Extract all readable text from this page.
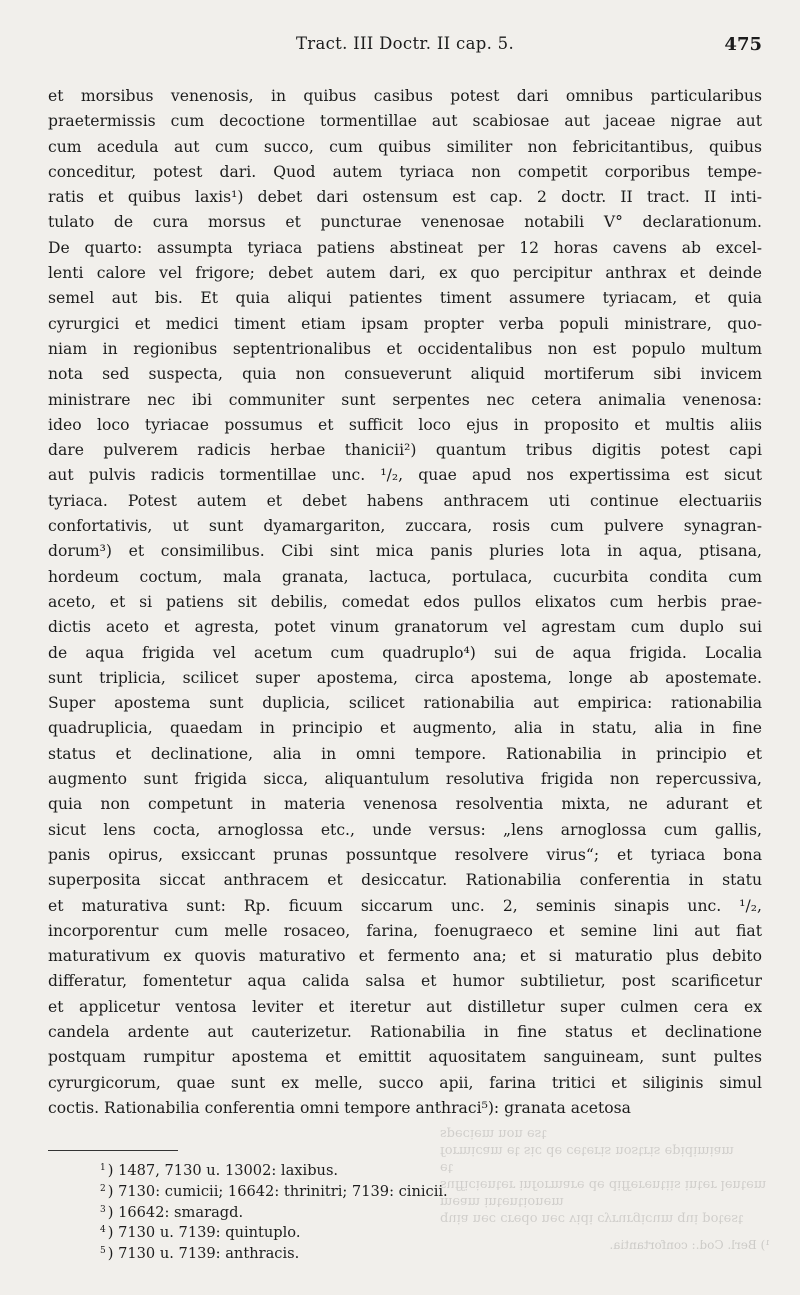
Tract. III Doctr. II cap. 5.	475
et morsibus venenosis, in quibus casibus potest dari omnibus particularibus
praetermissis cum decoctione tormentillae aut scabiosae aut jaceae nigrae aut
cum acedula aut cum succo, cum quibus similiter non febricitantibus, quibus
conceditur, potest dari. Quod autem tyriaca non competit corporibus tempe-
ratis et quibus laxis¹) debet dari ostensum est cap. 2 doctr. II tract. II inti-
tulato de cura morsus et puncturae venenosae notabili V° declarationum.
De quarto: assumpta tyriaca patiens abstineat per 12 horas cavens ab excel-
lenti calore vel frigore; debet autem dari, ex quo percipitur anthrax et deinde
semel aut bis. Et quia aliqui patientes timent assumere tyriacam, et quia
cyrurgici et medici timent etiam ipsam propter verba populi ministrare, quo-
niam in regionibus septentrionalibus et occidentalibus non est populo multum
nota sed suspecta, quia non consueverunt aliquid mortiferum sibi invicem
ministrare nec ibi communiter sunt serpentes nec cetera animalia venenosa:
ideo loco tyriacae possumus et sufficit loco ejus in proposito et multis aliis
dare pulverem radicis herbae thanicii²) quantum tribus digitis potest capi
aut pulvis radicis tormentillae unc. ¹/₂, quae apud nos expertissima est sicut
tyriaca. Potest autem et debet habens anthracem uti continue electuariis
confortativis, ut sunt dyamargariton, zuccara, rosis cum pulvere synagran-
dorum³) et consimilibus. Cibi sint mica panis pluries lota in aqua, ptisana,
hordeum coctum, mala granata, lactuca, portulaca, cucurbita condita cum
aceto, et si patiens sit debilis, comedat edos pullos elixatos cum herbis prae-
dictis aceto et agresta, potet vinum granatorum vel agrestam cum duplo sui
de aqua frigida vel acetum cum quadruplo⁴) sui de aqua frigida. Localia
sunt triplicia, scilicet super apostema, circa apostema, longe ab apostemate.
Super apostema sunt duplicia, scilicet rationabilia aut empirica: rationabilia
quadruplicia, quaedam in principio et augmento, alia in statu, alia in fine
status et declinatione, alia in omni tempore. Rationabilia in principio et
augmento sunt frigida sicca, aliquantulum resolutiva frigida non repercussiva,
quia non competunt in materia venenosa resolventia mixta, ne adurant et
sicut lens cocta, arnoglossa etc., unde versus: „lens arnoglossa cum gallis,
panis opirus, exsiccant prunas possuntque resolvere virus“; et tyriaca bona
superposita siccat anthracem et desiccatur. Rationabilia conferentia in statu
et maturativa sunt: Rp. ficuum siccarum unc. 2, seminis sinapis unc. ¹/₂,
incorporentur cum melle rosaceo, farina, foenugraeco et semine lini aut fiat
maturativum ex quovis maturativo et fermento ana; et si maturatio plus debito
differatur, fomentetur aqua calida salsa et humor subtilietur, post scarificetur
et applicetur ventosa leviter et iteretur aut distilletur super culmen cera ex
candela ardente aut cauterizetur. Rationabilia in fine status et declinatione
postquam rumpitur apostema et emittit aquositatem sanguineam, sunt pultes
cyrurgicorum, quae sunt ex melle, succo apii, farina tritici et siliginis simul
coctis. Rationabilia conferentia omni tempore anthraci⁵): granata acetosa
$^1$ ) 1487, 7130 u. 13002: laxibus.
$^2$ ) 7130: cumicii; 16642: thrinitri; 7139: cinicii.
$^3$ ) 16642: smaragd.
$^4$ ) 7130 u. 7139: quintuplo.
$^5$ ) 7130 u. 7139: anthracis.
quia nec credo nec vidi cyrurgicum qui potest meam intentionem
sufficienter informare de differentiis inter lentem et
formicam et sic de ceteris nostris epidimiam speciem non est
¹) Berl. Cod.: confortantia.
